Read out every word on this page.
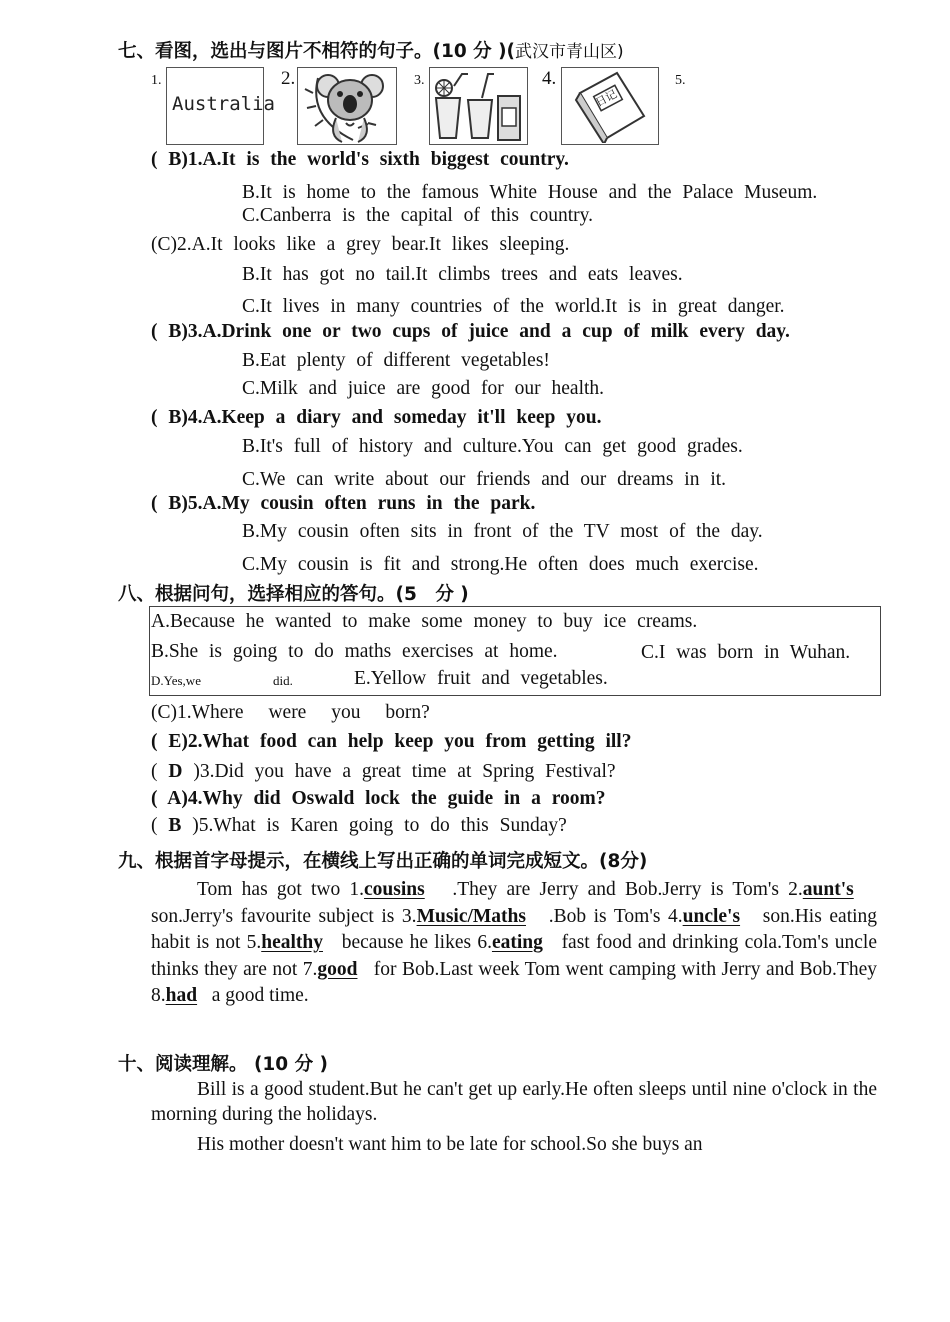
七、看图，选出与图片不相符的句子。(10 分 )(武汉市青山区)
1.
Australia
2.	3.	4.
日记
5.
( B)1.A.It is the world's sixth biggest country.
B.It is home to the famous White House and the Palace Museum.
C.Canberra is the capital of this country.
(C)2.A.It looks like a grey bear.It likes sleeping.
B.It has got no tail.It climbs trees and eats leaves.
C.It lives in many countries of the world.It is in great danger.
( B)3.A.Drink one or two cups of juice and a cup of milk every day.
B.Eat plenty of different vegetables!
C.Milk and juice are good for our health.
( B)4.A.Keep a diary and someday it'll keep you.
B.It's full of history and culture.You can get good grades.
C.We can write about our friends and our dreams in it.
( B)5.A.My cousin often runs in the park.
B.My cousin often sits in front of the TV most of the day.
C.My cousin is fit and strong.He often does much exercise.
八、根据问句，选择相应的答句。(5　分 )
A.Because he wanted to make some money to buy ice creams.
B.She is going to do maths exercises at home.	C.I was born in Wuhan.
D.Yes,we	did.	E.Yellow fruit and vegetables.
(C)1.Where were you born?
( E)2.What food can help keep you from getting ill?
( D )3.Did you have a great time at Spring Festival?
( A)4.Why did Oswald lock the guide in a room?
( B )5.What is Karen going to do this Sunday?
九、根据首字母提示，在横线上写出正确的单词完成短文。(8分)
Tom has got two 1.cousins .They are Jerry and Bob.Jerry is Tom's 2.aunt's    son.Jerry's favourite subject is 3.Music/Maths .Bob is Tom's 4.uncle's son.His eating habit is not 5.healthy because he likes 6.eating fast food and drinking cola.Tom's uncle thinks they are not 7.good for Bob.Last week Tom went camping with Jerry and Bob.They 8.had a good time.
十、阅读理解。 (10 分 )
Bill is a good student.But he can't get up early.He often sleeps until nine o'clock in the morning during the holidays.
His mother doesn't want him to be late for school.So she buys an
